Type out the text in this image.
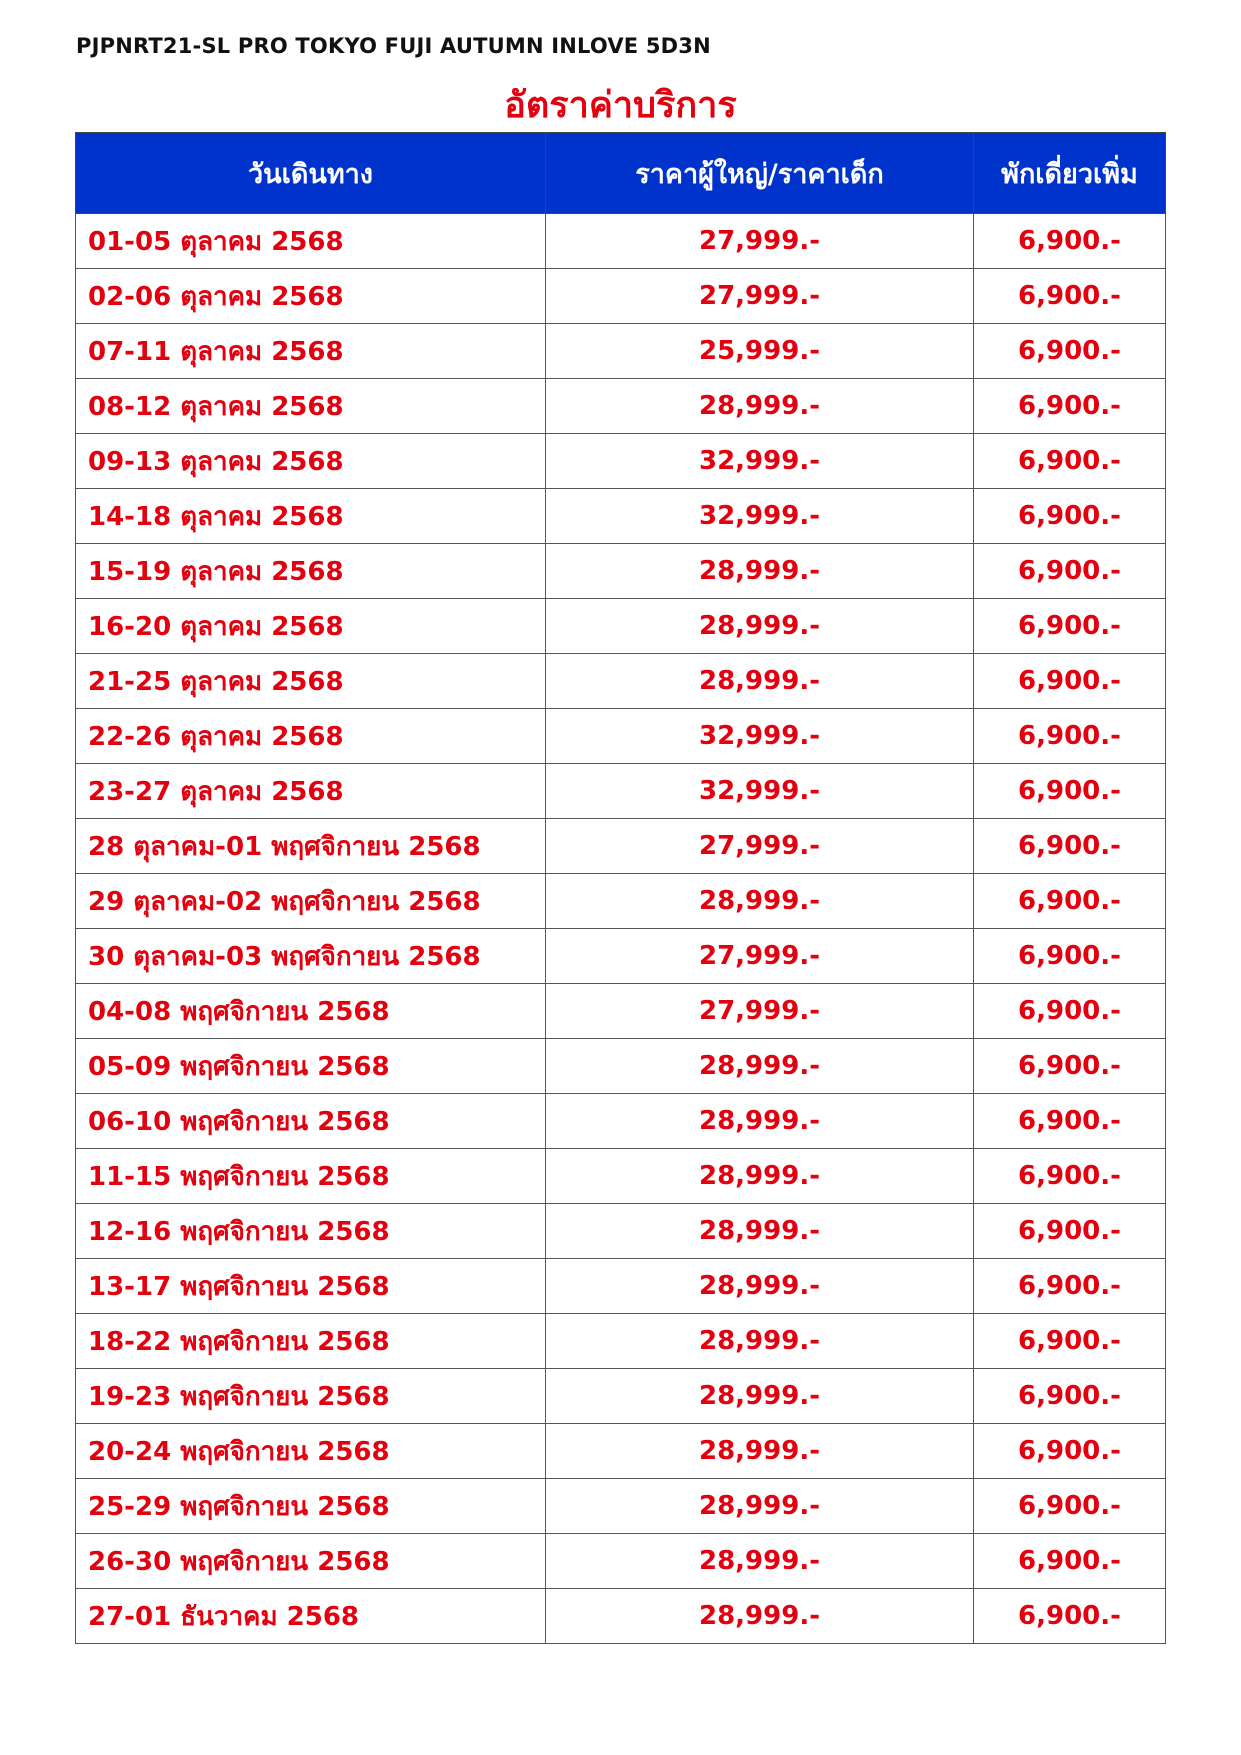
PJPNRT21-SL PRO TOKYO FUJI AUTUMN INLOVE 5D3N
อัตราค่าบริการ
วันเดินทาง	ราคาผู้ใหญ่/ราคาเด็ก	พักเดี่ยวเพิ่ม
01-05 ตุลาคม 2568	27,999.-	6,900.-
02-06 ตุลาคม 2568	27,999.-	6,900.-
07-11 ตุลาคม 2568	25,999.-	6,900.-
08-12 ตุลาคม 2568	28,999.-	6,900.-
09-13 ตุลาคม 2568	32,999.-	6,900.-
14-18 ตุลาคม 2568	32,999.-	6,900.-
15-19 ตุลาคม 2568	28,999.-	6,900.-
16-20 ตุลาคม 2568	28,999.-	6,900.-
21-25 ตุลาคม 2568	28,999.-	6,900.-
22-26 ตุลาคม 2568	32,999.-	6,900.-
23-27 ตุลาคม 2568	32,999.-	6,900.-
28 ตุลาคม-01 พฤศจิกายน 2568	27,999.-	6,900.-
29 ตุลาคม-02 พฤศจิกายน 2568	28,999.-	6,900.-
30 ตุลาคม-03 พฤศจิกายน 2568	27,999.-	6,900.-
04-08 พฤศจิกายน 2568	27,999.-	6,900.-
05-09 พฤศจิกายน 2568	28,999.-	6,900.-
06-10 พฤศจิกายน 2568	28,999.-	6,900.-
11-15 พฤศจิกายน 2568	28,999.-	6,900.-
12-16 พฤศจิกายน 2568	28,999.-	6,900.-
13-17 พฤศจิกายน 2568	28,999.-	6,900.-
18-22 พฤศจิกายน 2568	28,999.-	6,900.-
19-23 พฤศจิกายน 2568	28,999.-	6,900.-
20-24 พฤศจิกายน 2568	28,999.-	6,900.-
25-29 พฤศจิกายน 2568	28,999.-	6,900.-
26-30 พฤศจิกายน 2568	28,999.-	6,900.-
27-01 ธันวาคม 2568	28,999.-	6,900.-
